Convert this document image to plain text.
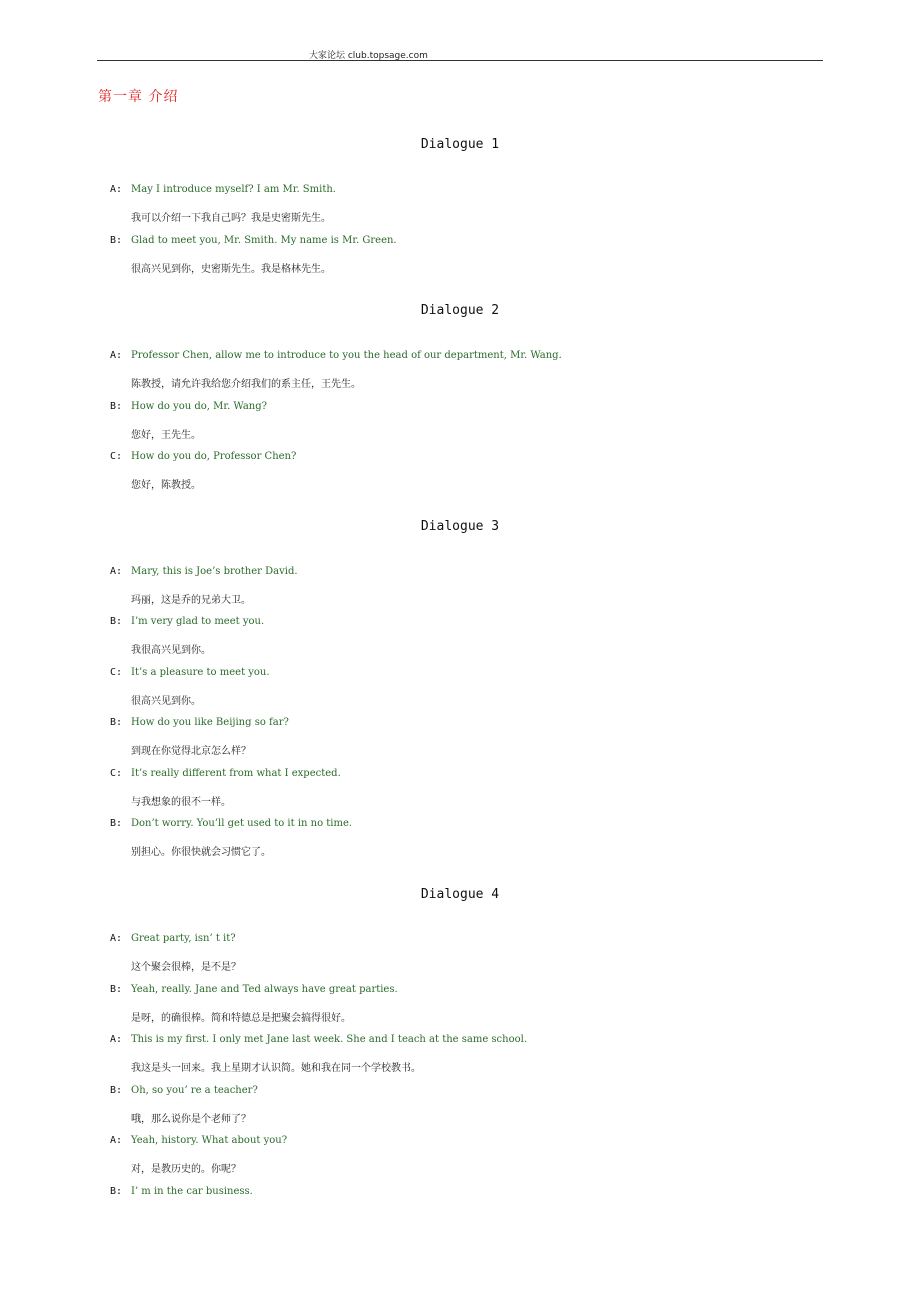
大家论坛 club.topsage.com
第一章 介绍
Dialogue 1
A: May I introduce myself? I am Mr. Smith.
我可以介绍一下我自己吗？我是史密斯先生。
B: Glad to meet you, Mr. Smith. My name is Mr. Green.
很高兴见到你，史密斯先生。我是格林先生。
Dialogue 2
A: Professor Chen, allow me to introduce to you the head of our department, Mr. Wang.
陈教授，请允许我给您介绍我们的系主任，王先生。
B: How do you do, Mr. Wang?
您好，王先生。
C: How do you do, Professor Chen?
您好，陈教授。
Dialogue 3
A: Mary, this is Joe’s brother David.
玛丽，这是乔的兄弟大卫。
B: I’m very glad to meet you.
我很高兴见到你。
C: It’s a pleasure to meet you.
很高兴见到你。
B: How do you like Beijing so far?
到现在你觉得北京怎么样？
C: It’s really different from what I expected.
与我想象的很不一样。
B: Don’t worry. You’ll get used to it in no time.
别担心。你很快就会习惯它了。
Dialogue 4
A: Great party, isn’ t it?
这个聚会很棒，是不是？
B: Yeah, really. Jane and Ted always have great parties.
是呀，的确很棒。简和特德总是把聚会搞得很好。
A: This is my first. I only met Jane last week. She and I teach at the same school.
我这是头一回来。我上星期才认识简。她和我在同一个学校教书。
B: Oh, so you’ re a teacher?
哦，那么说你是个老师了？
A: Yeah, history. What about you?
对，是教历史的。你呢？
B: I’ m in the car business.
